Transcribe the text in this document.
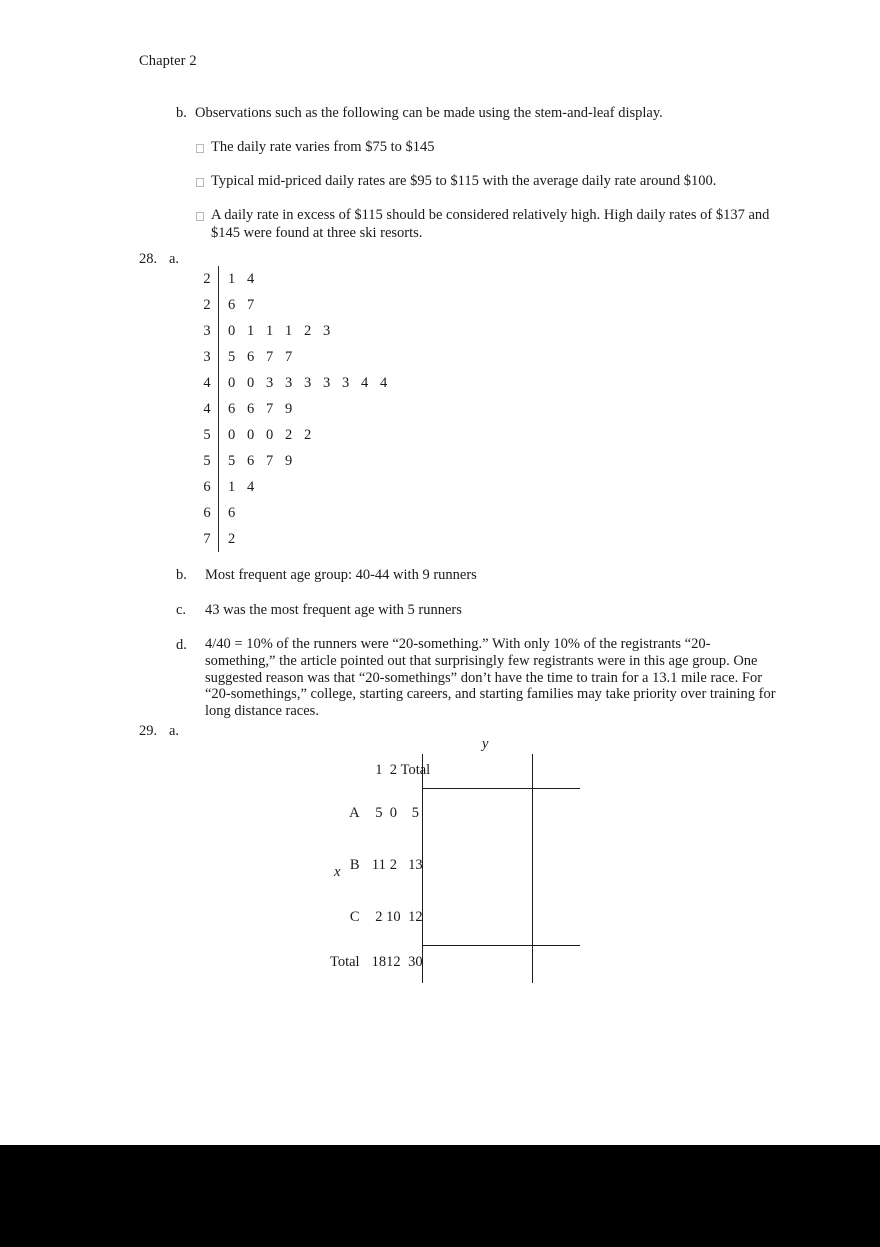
Chapter 2
b. Observations such as the following can be made using the stem-and-leaf display.
The daily rate varies from $75 to $145
Typical mid-priced daily rates are $95 to $115 with the average daily rate around $100.
A daily rate in excess of $115 should be considered relatively high. High daily rates of $137 and $145 were found at three ski resorts.
28. a.
2		1 4
2		6 7
3		0 1 1 1 2 3
3		5 6 7 7
4		0 0 3 3 3 3 3 4 4
4		6 6 7 9
5		0 0 0 2 2
5		5 6 7 9
6		1 4
6		6
7		2
b.	Most frequent age group: 40-44 with 9 runners
c.	43 was the most frequent age with 5 runners
d.	4/40 = 10% of the runners were “20-something.” With only 10% of the registrants “20-something,” the article pointed out that surprisingly few registrants were in this age group. One suggested reason was that “20-somethings” don’t have the time to train for a 13.1 mile race. For “20-somethings,” college, starting careers, and starting families may take priority over training for long distance races.
29. a.
y
x
	1	2	Total
A	5	0	5
B	11	2	13
C	2	10	12
Total	18	12	30
